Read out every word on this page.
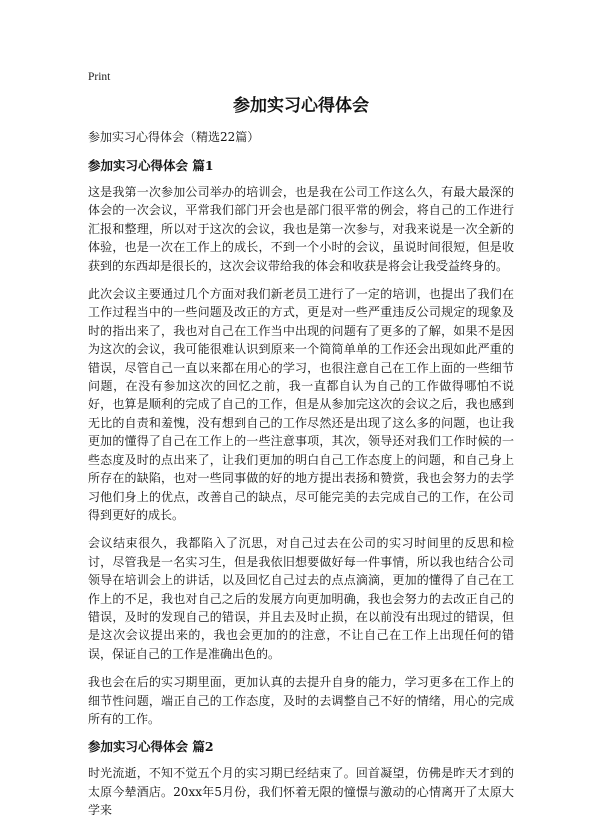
Print
参加实习心得体会
参加实习心得体会（精选22篇）
参加实习心得体会 篇1

这是我第一次参加公司举办的培训会，也是我在公司工作这么久，有最大最深的体会的一次会议，平常我们部门开会也是部门很平常的例会，将自己的工作进行汇报和整理，所以对于这次的会议，我也是第一次参与，对我来说是一次全新的体验，也是一次在工作上的成长，不到一个小时的会议，虽说时间很短，但是收获到的东西却是很长的，这次会议带给我的体会和收获是将会让我受益终身的。

此次会议主要通过几个方面对我们新老员工进行了一定的培训，也提出了我们在工作过程当中的一些问题及改正的方式，更是对一些严重违反公司规定的现象及时的指出来了，我也对自己在工作当中出现的问题有了更多的了解，如果不是因为这次的会议，我可能很难认识到原来一个简简单单的工作还会出现如此严重的错误，尽管自己一直以来都在用心的学习，也很注意自己在工作上面的一些细节问题，在没有参加这次的回忆之前，我一直都自认为自己的工作做得哪怕不说好，也算是顺利的完成了自己的工作，但是从参加完这次的会议之后，我也感到无比的自责和羞愧，没有想到自己的工作尽然还是出现了这么多的问题，也让我更加的懂得了自己在工作上的一些注意事项，其次，领导还对我们工作时候的一些态度及时的点出来了，让我们更加的明白自己工作态度上的问题，和自己身上所存在的缺陷，也对一些同事做的好的地方提出表扬和赞赏，我也会努力的去学习他们身上的优点，改善自己的缺点，尽可能完美的去完成自己的工作，在公司得到更好的成长。

会议结束很久，我都陷入了沉思，对自己过去在公司的实习时间里的反思和检讨，尽管我是一名实习生，但是我依旧想要做好每一件事情，所以我也结合公司领导在培训会上的讲话，以及回忆自己过去的点点滴滴，更加的懂得了自己在工作上的不足，我也对自己之后的发展方向更加明确，我也会努力的去改正自己的错误，及时的发现自己的错误，并且去及时止损，在以前没有出现过的错误，但是这次会议提出来的，我也会更加的的注意，不让自己在工作上出现任何的错误，保证自己的工作是准确出色的。

我也会在后的实习期里面，更加认真的去提升自身的能力，学习更多在工作上的细节性问题，端正自己的工作态度，及时的去调整自己不好的情绪，用心的完成所有的工作。

参加实习心得体会 篇2

时光流逝，不知不觉五个月的实习期已经结束了。回首凝望，仿佛是昨天才到的太原今辇酒店。20xx年5月份，我们怀着无限的憧憬与激动的心情离开了太原大学来
